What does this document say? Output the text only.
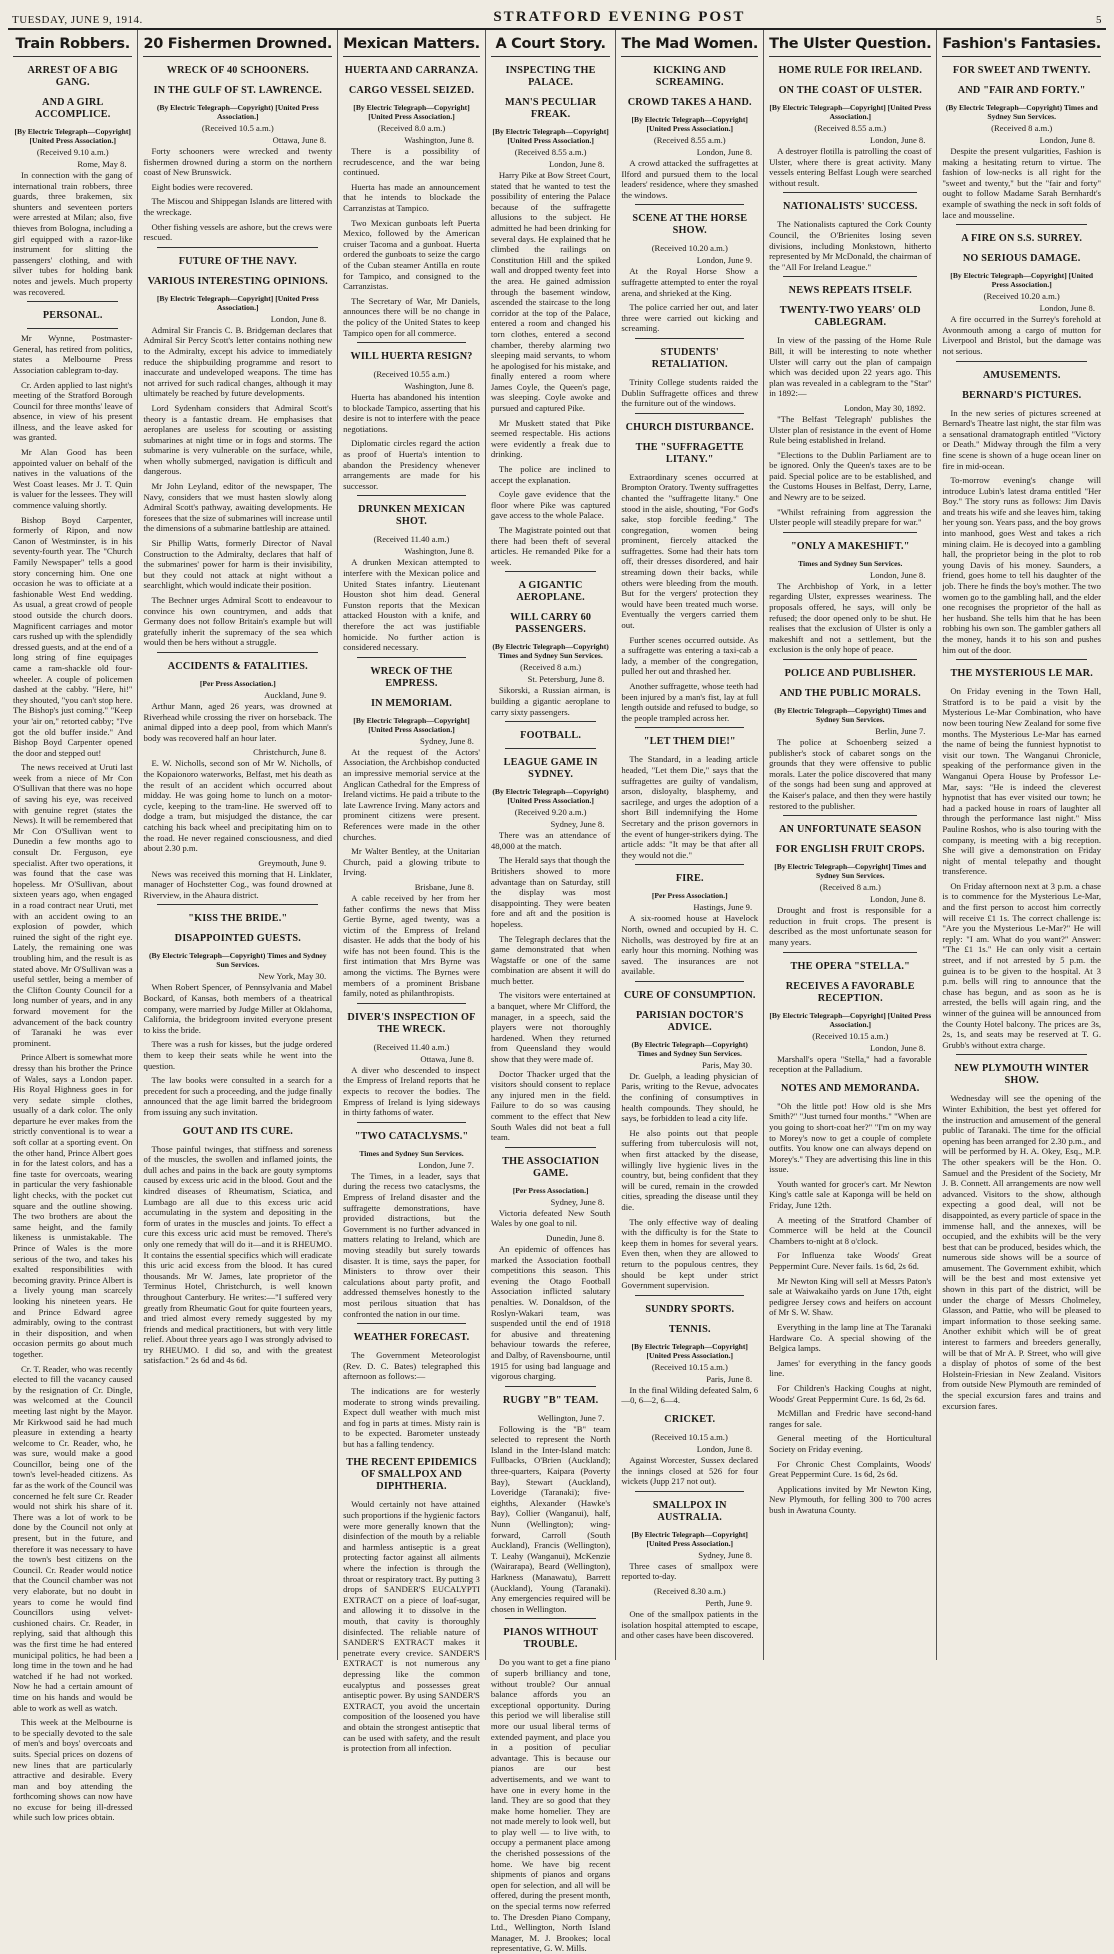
TUESDAY, JUNE 9, 1914.	STRATFORD EVENING POST	5
Train Robbers.
ARREST OF A BIG GANG.
AND A GIRL ACCOMPLICE.
[By Electric Telegraph—Copyright] [United Press Association.]
(Received 9.10 a.m.)
Rome, May 8.

In connection with the gang of international train robbers, three guards, three brakemen, six shunters and seventeen porters were arrested at Milan; also, five thieves from Bologna, including a girl equipped with a razor-like instrument for slitting the passengers' clothing, and with silver tubes for holding bank notes and jewels. Much property was recovered.

PERSONAL.

Mr Wynne, Postmaster-General, has retired from politics, states a Melbourne Press Association cablegram to-day.

Cr. Arden applied to last night's meeting of the Stratford Borough Council for three months' leave of absence, in view of his present illness, and the leave asked for was granted.

Mr Alan Good has been appointed valuer on behalf of the natives in the valuations of the West Coast leases. Mr J. T. Quin is valuer for the lessees. They will commence valuing shortly.

Bishop Boyd Carpenter, formerly of Ripon, and now Canon of Westminster, is in his seventy-fourth year. The "Church Family Newspaper" tells a good story concerning him. One one occasion he was to officiate at a fashionable West End wedding. As usual, a great crowd of people stood outside the church doors. Magnificent carriages and motor cars rushed up with the splendidly dressed guests, and at the end of a long string of fine equipages came a ram-shackle old four-wheeler. A couple of policemen dashed at the cabby. "Here, hi!" they shouted, "you can't stop here. The Bishop's just coming." "Keep your 'air on," retorted cabby; "I've got the old buffer inside." And Bishop Boyd Carpenter opened the door and stepped out!

The news received at Uruti last week from a niece of Mr Con O'Sullivan that there was no hope of saving his eye, was received with genuine regret (states the News). It will be remembered that Mr Con O'Sullivan went to Dunedin a few months ago to consult Dr. Ferguson, eye specialist. After two operations, it was found that the case was hopeless. Mr O'Sullivan, about sixteen years ago, when engaged in a road contract near Uruti, met with an accident owing to an explosion of powder, which ruined the sight of the right eye. Lately, the remaining one was troubling him, and the result is as stated above. Mr O'Sullivan was a useful settler, being a member of the Clifton County Council for a long number of years, and in any forward movement for the advancement of the back country of Taranaki he was ever prominent.

Prince Albert is somewhat more dressy than his brother the Prince of Wales, says a London paper. His Royal Highness goes in for very sedate simple clothes, usually of a dark color. The only departure he ever makes from the strictly conventional is to wear a soft collar at a sporting event. On the other hand, Prince Albert goes in for the latest colors, and has a fine taste for overcoats, wearing in particular the very fashionable light checks, with the pocket cut square and the outline showing. The two brothers are about the same height, and the family likeness is unmistakable. The Prince of Wales is the more serious of the two, and takes his exalted responsibilities with becoming gravity. Prince Albert is a lively young man scarcely looking his nineteen years. He and Prince Edward agree admirably, owing to the contrast in their disposition, and when occasion permits go about much together.

Cr. T. Reader, who was recently elected to fill the vacancy caused by the resignation of Cr. Dingle, was welcomed at the Council meeting last night by the Mayor. Mr Kirkwood said he had much pleasure in extending a hearty welcome to Cr. Reader, who, he was sure, would make a good Councillor, being one of the town's level-headed citizens. As far as the work of the Council was concerned he felt sure Cr. Reader would not shirk his share of it. There was a lot of work to be done by the Council not only at present, but in the future, and therefore it was necessary to have the town's best citizens on the Council. Cr. Reader would notice that the Council chamber was not very elaborate, but no doubt in years to come he would find Councillors using velvet-cushioned chairs. Cr. Reader, in replying, said that although this was the first time he had entered municipal politics, he had been a long time in the town and he had watched if he had not worked. Now he had a certain amount of time on his hands and would be able to work as well as watch.

This week at the Melbourne is to be specially devoted to the sale of men's and boys' overcoats and suits. Special prices on dozens of new lines that are particularly attractive and desirable. Every man and boy attending the forthcoming shows can now have no excuse for being ill-dressed while such low prices obtain.

20 Fishermen Drowned.
WRECK OF 40 SCHOONERS.
IN THE GULF OF ST. LAWRENCE.
(By Electric Telegraph—Copyright) [United Press Association.]
(Received 10.5 a.m.)
Ottawa, June 8.

Forty schooners were wrecked and twenty fishermen drowned during a storm on the northern coast of New Brunswick.

Eight bodies were recovered.

The Miscou and Shippegan Islands are littered with the wreckage.

Other fishing vessels are ashore, but the crews were rescued.

FUTURE OF THE NAVY.
VARIOUS INTERESTING OPINIONS.
[By Electric Telegraph—Copyright] [United Press Association.]
London, June 8.

Admiral Sir Francis C. B. Bridgeman declares that Admiral Sir Percy Scott's letter contains nothing new to the Admiralty, except his advice to immediately reduce the shipbuilding programme and resort to inaccurate and undeveloped weapons. The time has not arrived for such radical changes, although it may ultimately be reached by future developments.

Lord Sydenham considers that Admiral Scott's theory is a fantastic dream. He emphasises that aeroplanes are useless for scouting or assisting submarines at night time or in fogs and storms. The submarine is very vulnerable on the surface, while, when wholly submerged, navigation is difficult and dangerous.

Mr John Leyland, editor of the newspaper, The Navy, considers that we must hasten slowly along Admiral Scott's pathway, awaiting developments. He foresees that the size of submarines will increase until the dimensions of a submarine battleship are attained.

Sir Phillip Watts, formerly Director of Naval Construction to the Admiralty, declares that half of the submarines' power for harm is their invisibility, but they could not attack at night without a searchlight, which would indicate their position.

The Bechner urges Admiral Scott to endeavour to convince his own countrymen, and adds that Germany does not follow Britain's example but will gratefully inherit the supremacy of the sea which would then be hers without a struggle.

ACCIDENTS & FATALITIES.
[Per Press Association.]
Auckland, June 9.

Arthur Mann, aged 26 years, was drowned at Riverhead while crossing the river on horseback. The animal dipped into a deep pool, from which Mann's body was recovered half an hour later.

Christchurch, June 8.

E. W. Nicholls, second son of Mr W. Nicholls, of the Kopaionoro waterworks, Belfast, met his death as the result of an accident which occurred about midday. He was going home to lunch on a motor-cycle, keeping to the tram-line. He swerved off to dodge a tram, but misjudged the distance, the car catching his back wheel and precipitating him on to the road. He never regained consciousness, and died about 2.30 p.m.

Greymouth, June 9.

News was received this morning that H. Linklater, manager of Hochstetter Cog., was found drowned at Riverview, in the Ahaura district.

"KISS THE BRIDE."
DISAPPOINTED GUESTS.
(By Electric Telegraph—Copyright) Times and Sydney Sun Services.
New York, May 30.

When Robert Spencer, of Pennsylvania and Mabel Bockard, of Kansas, both members of a theatrical company, were married by Judge Miller at Oklahoma, California, the bridegroom invited everyone present to kiss the bride.

There was a rush for kisses, but the judge ordered them to keep their seats while he went into the question.

The law books were consulted in a search for a precedent for such a proceeding, and the judge finally announced that the age limit barred the bridegroom from issuing any such invitation.

GOUT AND ITS CURE.

Those painful twinges, that stiffness and soreness of the muscles, the swollen and inflamed joints, the dull aches and pains in the back are gouty symptoms caused by excess uric acid in the blood. Gout and the kindred diseases of Rheumatism, Sciatica, and Lumbago are all due to this excess uric acid accumulating in the system and depositing in the form of urates in the muscles and joints. To effect a cure this excess uric acid must be removed. There's only one remedy that will do it—and it is RHEUMO. It contains the essential specifics which will eradicate this uric acid excess from the blood. It has cured thousands. Mr W. James, late proprietor of the Terminus Hotel, Christchurch, is well known throughout Canterbury. He writes:—"I suffered very greatly from Rheumatic Gout for quite fourteen years, and tried almost every remedy suggested by my friends and medical practitioners, but with very little relief. About three years ago I was strongly advised to try RHEUMO. I did so, and with the greatest satisfaction." 2s 6d and 4s 6d.

Mexican Matters.
HUERTA AND CARRANZA.
CARGO VESSEL SEIZED.
[By Electric Telegraph—Copyright] [United Press Association.]
(Received 8.0 a.m.)
Washington, June 8.

There is a possibility of recrudescence, and the war being continued.

Huerta has made an announcement that he intends to blockade the Carranzistas at Tampico.

Two Mexican gunboats left Puerta Mexico, followed by the American cruiser Tacoma and a gunboat. Huerta ordered the gunboats to seize the cargo of the Cuban steamer Antilla en route for Tampico, and consigned to the Carranzistas.

The Secretary of War, Mr Daniels, announces there will be no change in the policy of the United States to keep Tampico open for all commerce.

WILL HUERTA RESIGN?
(Received 10.55 a.m.)
Washington, June 8.

Huerta has abandoned his intention to blockade Tampico, asserting that his desire is not to interfere with the peace negotiations.

Diplomatic circles regard the action as proof of Huerta's intention to abandon the Presidency whenever arrangements are made for his successor.

DRUNKEN MEXICAN SHOT.
(Received 11.40 a.m.)
Washington, June 8.

A drunken Mexican attempted to interfere with the Mexican police and United States infantry. Lieutenant Houston shot him dead. General Funston reports that the Mexican attacked Houston with a knife, and therefore the act was justifiable homicide. No further action is considered necessary.

WRECK OF THE EMPRESS.
IN MEMORIAM.
[By Electric Telegraph—Copyright] [United Press Association.]
Sydney, June 8.

At the request of the Actors' Association, the Archbishop conducted an impressive memorial service at the Anglican Cathedral for the Empress of Ireland victims. He paid a tribute to the late Lawrence Irving. Many actors and prominent citizens were present. References were made in the other churches.

Mr Walter Bentley, at the Unitarian Church, paid a glowing tribute to Irving.

Brisbane, June 8.

A cable received by her from her father confirms the news that Miss Gertie Byrne, aged twenty, was a victim of the Empress of Ireland disaster. He adds that the body of his wife has not been found. This is the first intimation that Mrs Byrne was among the victims. The Byrnes were members of a prominent Brisbane family, noted as philanthropists.

DIVER'S INSPECTION OF THE WRECK.
(Received 11.40 a.m.)
Ottawa, June 8.

A diver who descended to inspect the Empress of Ireland reports that he expects to recover the bodies. The Empress of Ireland is lying sideways in thirty fathoms of water.

"TWO CATACLYSMS."
Times and Sydney Sun Services.
London, June 7.

The Times, in a leader, says that during the recess two cataclysms, the Empress of Ireland disaster and the suffragette demonstrations, have provided distractions, but the Government is no further advanced in matters relating to Ireland, which are moving steadily but surely towards disaster. It is time, says the paper, for Ministers to throw over their calculations about party profit, and addressed themselves honestly to the most perilous situation that has confronted the nation in our time.

WEATHER FORECAST.

The Government Meteorologist (Rev. D. C. Bates) telegraphed this afternoon as follows:—

The indications are for westerly moderate to strong winds prevailing. Expect dull weather with much mist and fog in parts at times. Misty rain is to be expected. Barometer unsteady but has a falling tendency.

THE RECENT EPIDEMICS OF SMALLPOX AND DIPHTHERIA.

Would certainly not have attained such proportions if the hygienic factors were more generally known that the disinfection of the mouth by a reliable and harmless antiseptic is a great protecting factor against all ailments where the infection is through the throat or respiratory tract. By putting 3 drops of SANDER'S EUCALYPTI EXTRACT on a piece of loaf-sugar, and allowing it to dissolve in the mouth, that cavity is thoroughly disinfected. The reliable nature of SANDER'S EXTRACT makes it penetrate every crevice. SANDER'S EXTRACT is not numerous any depressing like the common eucalyptus and possesses great antiseptic power. By using SANDER'S EXTRACT, you avoid the uncertain composition of the loosened you have and obtain the strongest antiseptic that can be used with safety, and the result is protection from all infection.

A Court Story.
INSPECTING THE PALACE.
MAN'S PECULIAR FREAK.
[By Electric Telegraph—Copyright] [United Press Association.]
(Received 8.55 a.m.)
London, June 8.

Harry Pike at Bow Street Court, stated that he wanted to test the possibility of entering the Palace because of the suffragette allusions to the subject. He admitted he had been drinking for several days. He explained that he climbed the railings on Constitution Hill and the spiked wall and dropped twenty feet into the area. He gained admission through the basement window, ascended the staircase to the long corridor at the top of the Palace, entered a room and changed his torn clothes, entered a second chamber, thereby alarming two sleeping maid servants, to whom he apologised for his mistake, and finally entered a room where James Coyle, the Queen's page, was sleeping. Coyle awoke and pursued and captured Pike.

Mr Muskett stated that Pike seemed respectable. His actions were evidently a freak due to drinking.

The police are inclined to accept the explanation.

Coyle gave evidence that the floor where Pike was captured gave access to the whole Palace.

The Magistrate pointed out that there had been theft of several articles. He remanded Pike for a week.

A GIGANTIC AEROPLANE.
WILL CARRY 60 PASSENGERS.
(By Electric Telegraph—Copyright) Times and Sydney Sun Services.
(Received 8 a.m.)
St. Petersburg, June 8.

Sikorski, a Russian airman, is building a gigantic aeroplane to carry sixty passengers.

FOOTBALL.
LEAGUE GAME IN SYDNEY.
(By Electric Telegraph—Copyright) [United Press Association.]
(Received 9.20 a.m.)
Sydney, June 8.

There was an attendance of 48,000 at the match.

The Herald says that though the Britishers showed to more advantage than on Saturday, still the display was most disappointing. They were beaten fore and aft and the position is hopeless.

The Telegraph declares that the game demonstrated that when Wagstaffe or one of the same combination are absent it will do much better.

The visitors were entertained at a banquet, where Mr Clifford, the manager, in a speech, said the players were not thoroughly hardened. When they returned from Queensland they would show that they were made of.

Doctor Thacker urged that the visitors should consent to replace any injured men in the field. Failure to do so was causing comment to the effect that New South Wales did not beat a full team.

THE ASSOCIATION GAME.
[Per Press Association.]
Sydney, June 8.

Victoria defeated New South Wales by one goal to nil.

Dunedin, June 8.

An epidemic of offences has marked the Association football competitions this season. This evening the Otago Football Association inflicted salutary penalties. W. Donaldson, of the Roslyn-Wakari team, was suspended until the end of 1918 for abusive and threatening behaviour towards the referee, and Dalby, of Ravensbourne, until 1915 for using bad language and vigorous charging.

RUGBY "B" TEAM.
Wellington, June 7.

Following is the "B" team selected to represent the North Island in the Inter-Island match: Fullbacks, O'Brien (Auckland); three-quarters, Kaipara (Poverty Bay), Stewart (Auckland), Loveridge (Taranaki); five-eighths, Alexander (Hawke's Bay), Collier (Wanganui), half, Nunn (Wellington); wing-forward, Carroll (South Auckland), Francis (Wellington), T. Leahy (Wanganui), McKenzie (Wairarapa), Beard (Wellington), Harkness (Manawatu), Barrett (Auckland), Young (Taranaki). Any emergencies required will be chosen in Wellington.

PIANOS WITHOUT TROUBLE.

Do you want to get a fine piano of superb brilliancy and tone, without trouble? Our annual balance affords you an exceptional opportunity. During this period we will liberalise still more our usual liberal terms of extended payment, and place you in a position of peculiar advantage. This is because our pianos are our best advertisements, and we want to have one in every home in the land. They are so good that they make home homelier. They are not made merely to look well, but to play well — to live with, to occupy a permanent place among the cherished possessions of the home. We have big recent shipments of pianos and organs open for selection, and all will be offered, during the present month, on the special terms now referred to. The Dresden Piano Company, Ltd., Wellington, North Island Manager, M. J. Brookes; local representative, G. W. Mills.

The Mad Women.
KICKING AND SCREAMING.
CROWD TAKES A HAND.
[By Electric Telegraph—Copyright] [United Press Association.]
(Received 8.55 a.m.)
London, June 8.

A crowd attacked the suffragettes at Ilford and pursued them to the local leaders' residence, where they smashed the windows.

SCENE AT THE HORSE SHOW.
(Received 10.20 a.m.)
London, June 9.

At the Royal Horse Show a suffragette attempted to enter the royal arena, and shrieked at the King.

The police carried her out, and later three were carried out kicking and screaming.

STUDENTS' RETALIATION.

Trinity College students raided the Dublin Suffragette offices and threw the furniture out of the windows.

CHURCH DISTURBANCE.
THE "SUFFRAGETTE LITANY."

Extraordinary scenes occurred at Brompton Oratory. Twenty suffragettes chanted the "suffragette litany." One stood in the aisle, shouting, "For God's sake, stop forcible feeding." The congregation, women being prominent, fiercely attacked the suffragettes. Some had their hats torn off, their dresses disordered, and hair streaming down their backs, while others were bleeding from the mouth. But for the vergers' protection they would have been treated much worse. Eventually the vergers carried them out.

Further scenes occurred outside. As a suffragette was entering a taxi-cab a lady, a member of the congregation, pulled her out and thrashed her.

Another suffragette, whose teeth had been injured by a man's fist, lay at full length outside and refused to budge, so the people trampled across her.

"LET THEM DIE!"

The Standard, in a leading article headed, "Let them Die," says that the suffragettes are guilty of vandalism, arson, disloyalty, blasphemy, and sacrilege, and urges the adoption of a short Bill indemnifying the Home Secretary and the prison governors in the event of hunger-strikers dying. The article adds: "It may be that after all they would not die."

FIRE.
[Per Press Association.]
Hastings, June 9.

A six-roomed house at Havelock North, owned and occupied by H. C. Nicholls, was destroyed by fire at an early hour this morning. Nothing was saved. The insurances are not available.

CURE OF CONSUMPTION.
PARISIAN DOCTOR'S ADVICE.
(By Electric Telegraph—Copyright) Times and Sydney Sun Services.
Paris, May 30.

Dr. Guelph, a leading physician of Paris, writing to the Revue, advocates the confining of consumptives in health compounds. They should, he says, be forbidden to lead a city life.

He also points out that people suffering from tuberculosis will not, when first attacked by the disease, willingly live hygienic lives in the country, but, being confident that they will be cured, remain in the crowded cities, spreading the disease until they die.

The only effective way of dealing with the difficulty is for the State to keep them in homes for several years. Even then, when they are allowed to return to the populous centres, they should be kept under strict Government supervision.

SUNDRY SPORTS.
TENNIS.
[By Electric Telegraph—Copyright] [United Press Association.]
(Received 10.15 a.m.)
Paris, June 8.

In the final Wilding defeated Salm, 6—0, 6—2, 6—4.

CRICKET.
(Received 10.15 a.m.)
London, June 8.

Against Worcester, Sussex declared the innings closed at 526 for four wickets (Jupp 217 not out).

SMALLPOX IN AUSTRALIA.
[By Electric Telegraph—Copyright] [United Press Association.]
Sydney, June 8.

Three cases of smallpox were reported to-day.

(Received 8.30 a.m.)
Perth, June 9.

One of the smallpox patients in the isolation hospital attempted to escape, and other cases have been discovered.

The Ulster Question.
HOME RULE FOR IRELAND.
ON THE COAST OF ULSTER.
[By Electric Telegraph—Copyright] [United Press Association.]
(Received 8.55 a.m.)
London, June 8.

A destroyer flotilla is patrolling the coast of Ulster, where there is great activity. Many vessels entering Belfast Lough were searched without result.

NATIONALISTS' SUCCESS.

The Nationalists captured the Cork County Council, the O'Brienites losing seven divisions, including Monkstown, hitherto represented by Mr McDonald, the chairman of the "All For Ireland League."

NEWS REPEATS ITSELF.
TWENTY-TWO YEARS' OLD CABLEGRAM.

In view of the passing of the Home Rule Bill, it will be interesting to note whether Ulster will carry out the plan of campaign which was decided upon 22 years ago. This plan was revealed in a cablegram to the "Star" in 1892:—

London, May 30, 1892.

"The Belfast 'Telegraph' publishes the Ulster plan of resistance in the event of Home Rule being established in Ireland.

"Elections to the Dublin Parliament are to be ignored. Only the Queen's taxes are to be paid. Special police are to be established, and the Customs Houses in Belfast, Derry, Larne, and Newry are to be seized.

"Whilst refraining from aggression the Ulster people will steadily prepare for war."

"ONLY A MAKESHIFT."
Times and Sydney Sun Services.
London, June 8.

The Archbishop of York, in a letter regarding Ulster, expresses weariness. The proposals offered, he says, will only be refused; the door opened only to be shut. He realises that the exclusion of Ulster is only a makeshift and not a settlement, but the exclusion is the only hope of peace.

POLICE AND PUBLISHER.
AND THE PUBLIC MORALS.
(By Electric Telegraph—Copyright) Times and Sydney Sun Services.
Berlin, June 7.

The police at Schoenberg seized a publisher's stock of cabaret songs on the grounds that they were offensive to public morals. Later the police discovered that many of the songs had been sung and approved at the Kaiser's palace, and then they were hastily restored to the publisher.

AN UNFORTUNATE SEASON
FOR ENGLISH FRUIT CROPS.
[By Electric Telegraph—Copyright] Times and Sydney Sun Services.
(Received 8 a.m.)
London, June 8.

Drought and frost is responsible for a reduction in fruit crops. The present is described as the most unfortunate season for many years.

THE OPERA "STELLA."
RECEIVES A FAVORABLE RECEPTION.
[By Electric Telegraph—Copyright] [United Press Association.]
(Received 10.15 a.m.)
London, June 8.

Marshall's opera "Stella," had a favorable reception at the Palladium.

NOTES AND MEMORANDA.

"Oh the little pot! How old is she Mrs Smith?" "Just turned four months." "When are you going to short-coat her?" "I'm on my way to Morey's now to get a couple of complete outfits. You know one can always depend on Morey's." They are advertising this line in this issue.

Youth wanted for grocer's cart. Mr Newton King's cattle sale at Kaponga will be held on Friday, June 12th.

A meeting of the Stratford Chamber of Commerce will be held at the Council Chambers to-night at 8 o'clock.

For Influenza take Woods' Great Peppermint Cure. Never fails. 1s 6d, 2s 6d.

Mr Newton King will sell at Messrs Paton's sale at Waiwakaiho yards on June 17th, eight pedigree Jersey cows and heifers on account of Mr S. W. Shaw.

Everything in the lamp line at The Taranaki Hardware Co. A special showing of the Belgica lamps.

James' for everything in the fancy goods line.

For Children's Hacking Coughs at night, Woods' Great Peppermint Cure. 1s 6d, 2s 6d.

McMillan and Fredric have second-hand ranges for sale.

General meeting of the Horticultural Society on Friday evening.

For Chronic Chest Complaints, Woods' Great Peppermint Cure. 1s 6d, 2s 6d.

Applications invited by Mr Newton King, New Plymouth, for felling 300 to 700 acres bush in Awatuna County.

Fashion's Fantasies.
FOR SWEET AND TWENTY.
AND "FAIR AND FORTY."
(By Electric Telegraph—Copyright) Times and Sydney Sun Services.
(Received 8 a.m.)
London, June 8.

Despite the present vulgarities, Fashion is making a hesitating return to virtue. The fashion of low-necks is all right for the "sweet and twenty," but the "fair and forty" ought to follow Madame Sarah Bernhardt's example of swathing the neck in soft folds of lace and mousseline.

A FIRE ON S.S. SURREY.
NO SERIOUS DAMAGE.
[By Electric Telegraph—Copyright] [United Press Association.]
(Received 10.20 a.m.)
London, June 8.

A fire occurred in the Surrey's forehold at Avonmouth among a cargo of mutton for Liverpool and Bristol, but the damage was not serious.

AMUSEMENTS.
BERNARD'S PICTURES.

In the new series of pictures screened at Bernard's Theatre last night, the star film was a sensational dramatograph entitled "Victory or Death." Midway through the film a very fine scene is shown of a huge ocean liner on fire in mid-ocean.

To-morrow evening's change will introduce Lubin's latest drama entitled "Her Boy." The story runs as follows: Jim Davis and treats his wife and she leaves him, taking her young son. Years pass, and the boy grows into manhood, goes West and takes a rich mining claim. He is decoyed into a gambling hall, the proprietor being in the plot to rob young Davis of his money. Saunders, a friend, goes home to tell his daughter of the job. There he finds the boy's mother. The two women go to the gambling hall, and the elder one recognises the proprietor of the hall as her husband. She tells him that he has been robbing his own son. The gambler gathers all the money, hands it to his son and pushes him out of the door.

THE MYSTERIOUS LE MAR.

On Friday evening in the Town Hall, Stratford is to be paid a visit by the Mysterious Le-Mar Combination, who have now been touring New Zealand for some five months. The Mysterious Le-Mar has earned the name of being the funniest hypnotist to visit our town. The Wanganui Chronicle, speaking of the performance given in the Wanganui Opera House by Professor Le-Mar, says: "He is indeed the cleverest hypnotist that has ever visited our town; he had a packed house in roars of laughter all through the performance last night." Miss Pauline Roshos, who is also touring with the company, is meeting with a big reception. She will give a demonstration on Friday night of mental telepathy and thought transference.

On Friday afternoon next at 3 p.m. a chase is to commence for the Mysterious Le-Mar, and the first person to accost him correctly will receive £1 1s. The correct challenge is: "Are you the Mysterious Le-Mar?" He will reply: "I am. What do you want?" Answer: "The £1 1s." He can only visit a certain street, and if not arrested by 5 p.m. the guinea is to be given to the hospital. At 3 p.m. bells will ring to announce that the chase has begun, and as soon as he is arrested, the bells will again ring, and the winner of the guinea will be announced from the County Hotel balcony. The prices are 3s, 2s, 1s, and seats may be reserved at T. G. Grubb's without extra charge.

NEW PLYMOUTH WINTER SHOW.

Wednesday will see the opening of the Winter Exhibition, the best yet offered for the instruction and amusement of the general public of Taranaki. The time for the official opening has been arranged for 2.30 p.m., and will be performed by H. A. Okey, Esq., M.P. The other speakers will be the Hon. O. Samuel and the President of the Society, Mr J. B. Connett. All arrangements are now well advanced. Visitors to the show, although expecting a good deal, will not be disappointed, as every particle of space in the immense hall, and the annexes, will be occupied, and the exhibits will be the very best that can be produced, besides which, the numerous side shows will be a source of amusement. The Government exhibit, which will be the best and most extensive yet shown in this part of the district, will be under the charge of Messrs Cholmeley, Glasson, and Pattie, who will be pleased to impart information to those seeking same. Another exhibit which will be of great interest to farmers and breeders generally, will be that of Mr A. P. Street, who will give a display of photos of some of the best Holstein-Friesian in New Zealand. Visitors from outside New Plymouth are reminded of the special excursion fares and trains and excursion fares.
